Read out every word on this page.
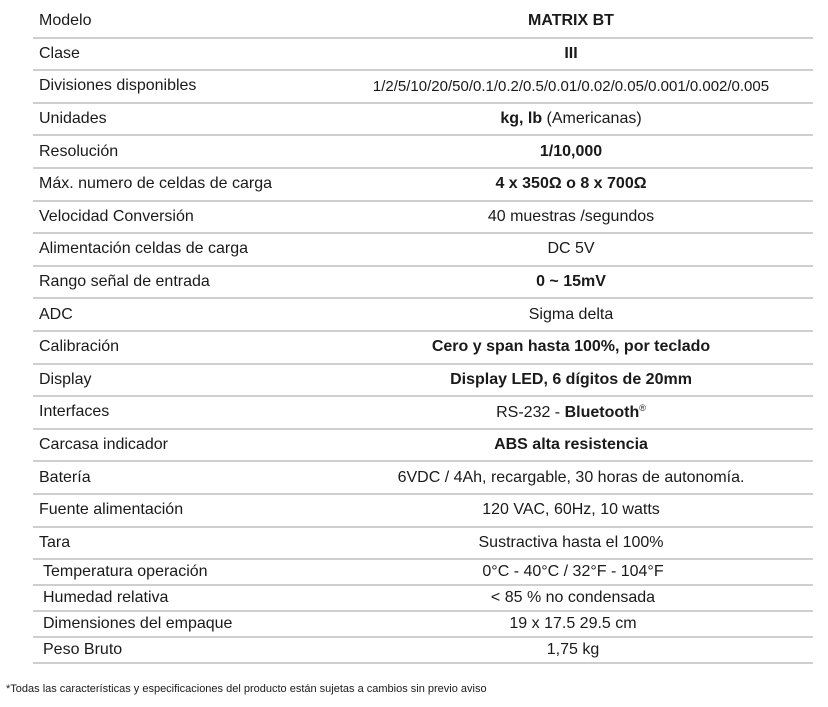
Modelo	MATRIX BT
Clase	III
Divisiones disponibles	1/2/5/10/20/50/0.1/0.2/0.5/0.01/0.02/0.05/0.001/0.002/0.005
Unidades	kg, lb (Americanas)
Resolución	1/10,000
Máx. numero de celdas de carga	4 x 350Ω o 8 x 700Ω
Velocidad Conversión	40 muestras /segundos
Alimentación celdas de carga	DC 5V
Rango señal de entrada	0 ~ 15mV
ADC	Sigma delta
Calibración	Cero y span hasta 100%, por teclado
Display	Display LED, 6 dígitos de 20mm
Interfaces	RS-232 - Bluetooth®
Carcasa indicador	ABS alta resistencia
Batería	6VDC / 4Ah, recargable, 30 horas de autonomía.
Fuente alimentación	120 VAC, 60Hz, 10 watts
Tara	Sustractiva hasta el 100%
Temperatura operación	0°C - 40°C / 32°F - 104°F
Humedad relativa	< 85 % no condensada
Dimensiones del empaque	19 x 17.5 29.5 cm
Peso Bruto	1,75 kg
*Todas las características y especificaciones del producto están sujetas a cambios sin previo aviso
